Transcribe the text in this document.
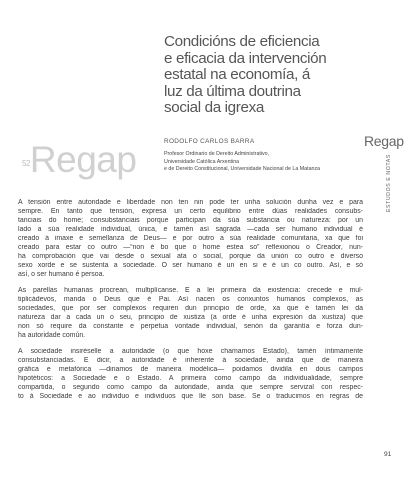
Condicións de eficiencia
e eficacia da intervención
estatal na economía, á
luz da última doutrina
social da igrexa
$^{52}$Regap	RODOLFO CARLOS BARRA
Profesor Ordinario de Dereito Administrativo,
Universidade Católica Arxentina
e de Dereito Constitucional, Universidade Nacional de La Matanza
Regap
ESTUDOS E NOTAS
A tensión entre autoridade e liberdade non ten nin pode ter unha solución dunha vez e para
sempre. En tanto que tensión, expresa un certo equilibrio entre dúas realidades consubs-
tanciais do home; consubstanciais porque participan da súa substancia ou natureza: por un
lado a súa realidade individual, única, e tamén así sagrada —cada ser humano individual é
creado á imaxe e semellanza de Deus— e por outro a súa realidade comunitaria, xa que foi
creado para estar co outro —“non é bo que o home estea so” reflexionou o Creador, nun-
ha comprobación que vai desde o sexual ata o social, porque da unión co outro e diverso
sexo xorde e se sustenta a sociedade. O ser humano é un en si e é un co outro. Así, e só
así, o ser humano é persoa.
As parellas humanas procrean, multiplícanse. É a lei primeira da existencia: crecede e mul-
tiplicádevos, manda o Deus que é Pai. Así nacen os conxuntos humanos complexos, as
sociedades, que por ser complexos requiren dun principio de orde, xa que é tamén lei da
natureza dar a cada un o seu, principio de xustiza (a orde é unha expresión da xustiza) que
non só require da constante e perpetua vontade individual, senón da garantía e forza dun-
ha autoridade común.
A sociedade insiréselle a autoridade (o que hoxe chamamos Estado), tamén íntimamente
consubstanciadas. É dicir, a autoridade é inherente á sociedade, ainda que de maneira
gráfica e metafórica —diriamos de maneira modélica— poidamos dividila en dous campos
hipotéticos: a Sociedade e o Estado. A primeira como campo da individualidade, sempre
compartida, o segundo como campo da autoridade, ainda que sempre servizal con respec-
to á Sociedade e ao individuo e individuos que lle son base. Se o traducimos en regras de
91
